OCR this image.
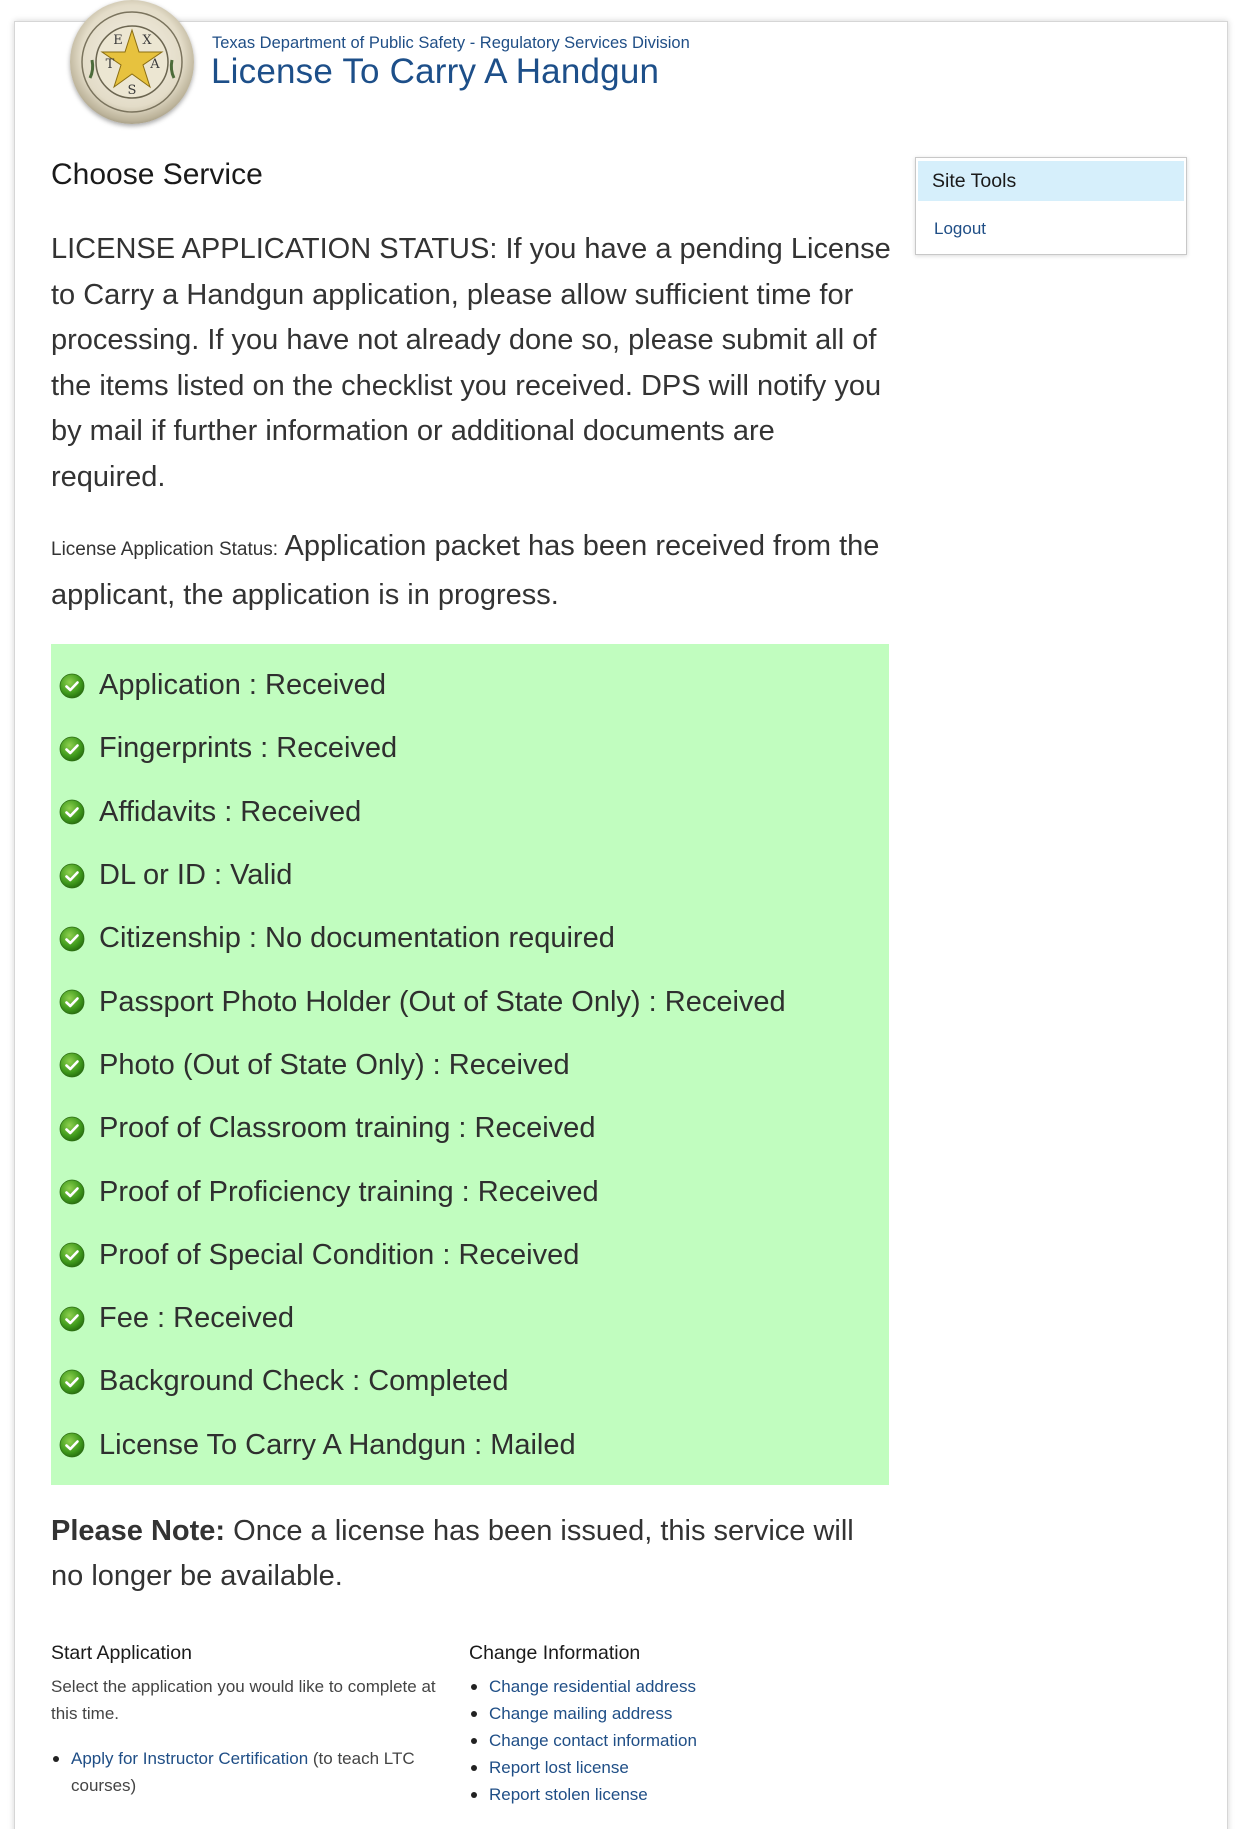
E X
T	A
S
Texas Department of Public Safety - Regulatory Services Division
License To Carry A Handgun
Choose Service

LICENSE APPLICATION STATUS: If you have a pending License to Carry a Handgun application, please allow sufficient time for processing. If you have not already done so, please submit all of the items listed on the checklist you received. DPS will notify you by mail if further information or additional documents are required.

License Application Status: Application packet has been received from the applicant, the application is in progress.

Application : Received
Fingerprints : Received
Affidavits : Received
DL or ID : Valid
Citizenship : No documentation required
Passport Photo Holder (Out of State Only) : Received
Photo (Out of State Only) : Received
Proof of Classroom training : Received
Proof of Proficiency training : Received
Proof of Special Condition : Received
Fee : Received
Background Check : Completed
License To Carry A Handgun : Mailed

Please Note: Once a license has been issued, this service will no longer be available.

Start Application

Select the application you would like to complete at this time.

Apply for Instructor Certification (to teach LTC courses)
Change Information
Change residential address
Change mailing address
Change contact information
Report lost license
Report stolen license
Site Tools
Logout
